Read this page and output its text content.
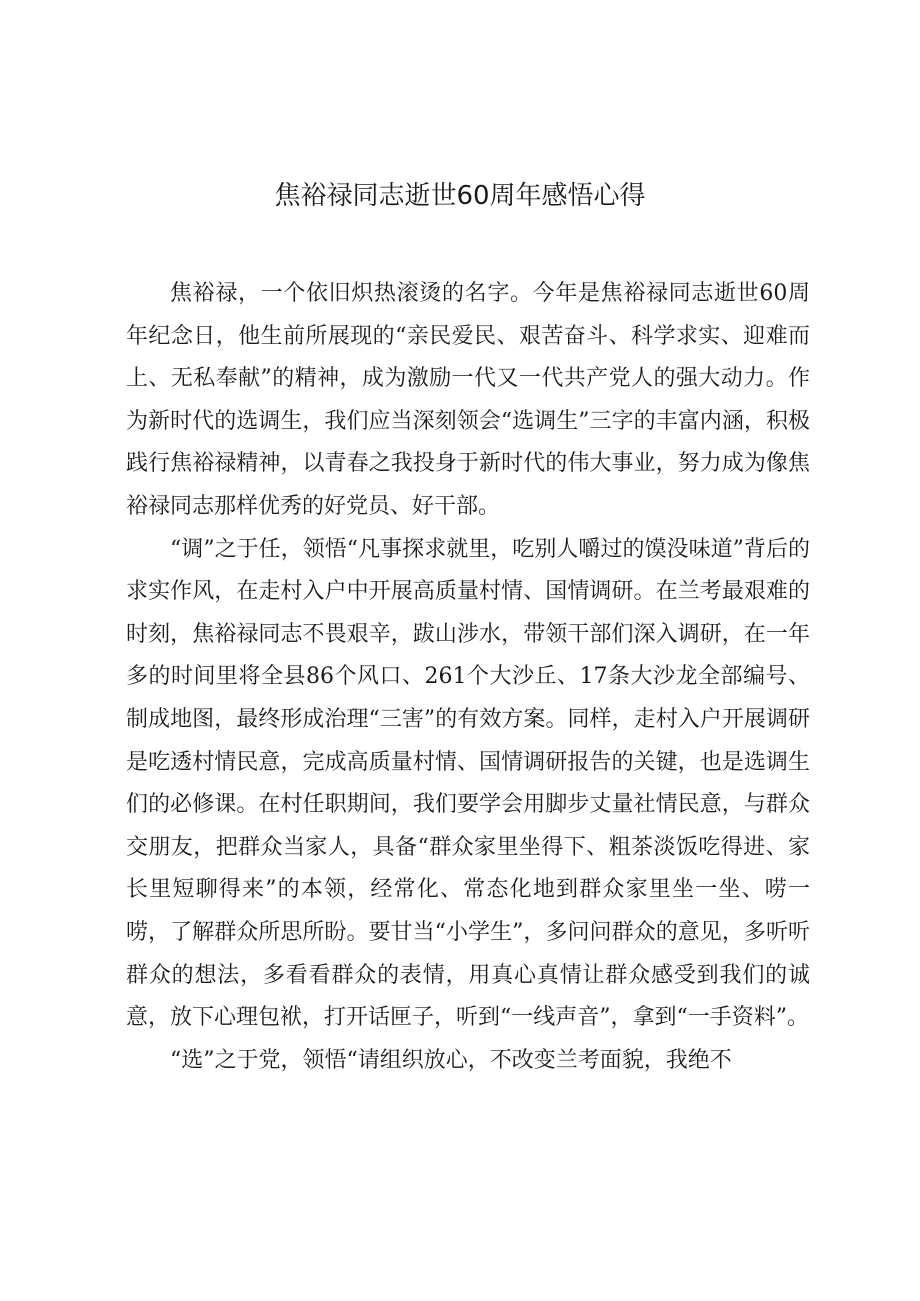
焦裕禄同志逝世60周年感悟心得

焦裕禄，一个依旧炽热滚烫的名字。今年是焦裕禄同志逝世60周年纪念日，他生前所展现的“亲民爱民、艰苦奋斗、科学求实、迎难而上、无私奉献”的精神，成为激励一代又一代共产党人的强大动力。作为新时代的选调生，我们应当深刻领会“选调生”三字的丰富内涵，积极践行焦裕禄精神，以青春之我投身于新时代的伟大事业，努力成为像焦裕禄同志那样优秀的好党员、好干部。

“调”之于任，领悟“凡事探求就里，吃别人嚼过的馍没味道”背后的求实作风，在走村入户中开展高质量村情、国情调研。在兰考最艰难的时刻，焦裕禄同志不畏艰辛，跋山涉水，带领干部们深入调研，在一年多的时间里将全县86个风口、261个大沙丘、17条大沙龙全部编号、制成地图，最终形成治理“三害”的有效方案。同样，走村入户开展调研是吃透村情民意，完成高质量村情、国情调研报告的关键，也是选调生们的必修课。在村任职期间，我们要学会用脚步丈量社情民意，与群众交朋友，把群众当家人，具备“群众家里坐得下、粗茶淡饭吃得进、家长里短聊得来”的本领，经常化、常态化地到群众家里坐一坐、唠一唠，了解群众所思所盼。要甘当“小学生”，多问问群众的意见，多听听群众的想法，多看看群众的表情，用真心真情让群众感受到我们的诚意，放下心理包袱，打开话匣子，听到“一线声音”，拿到“一手资料”。

“选”之于党，领悟“请组织放心，不改变兰考面貌，我绝不
